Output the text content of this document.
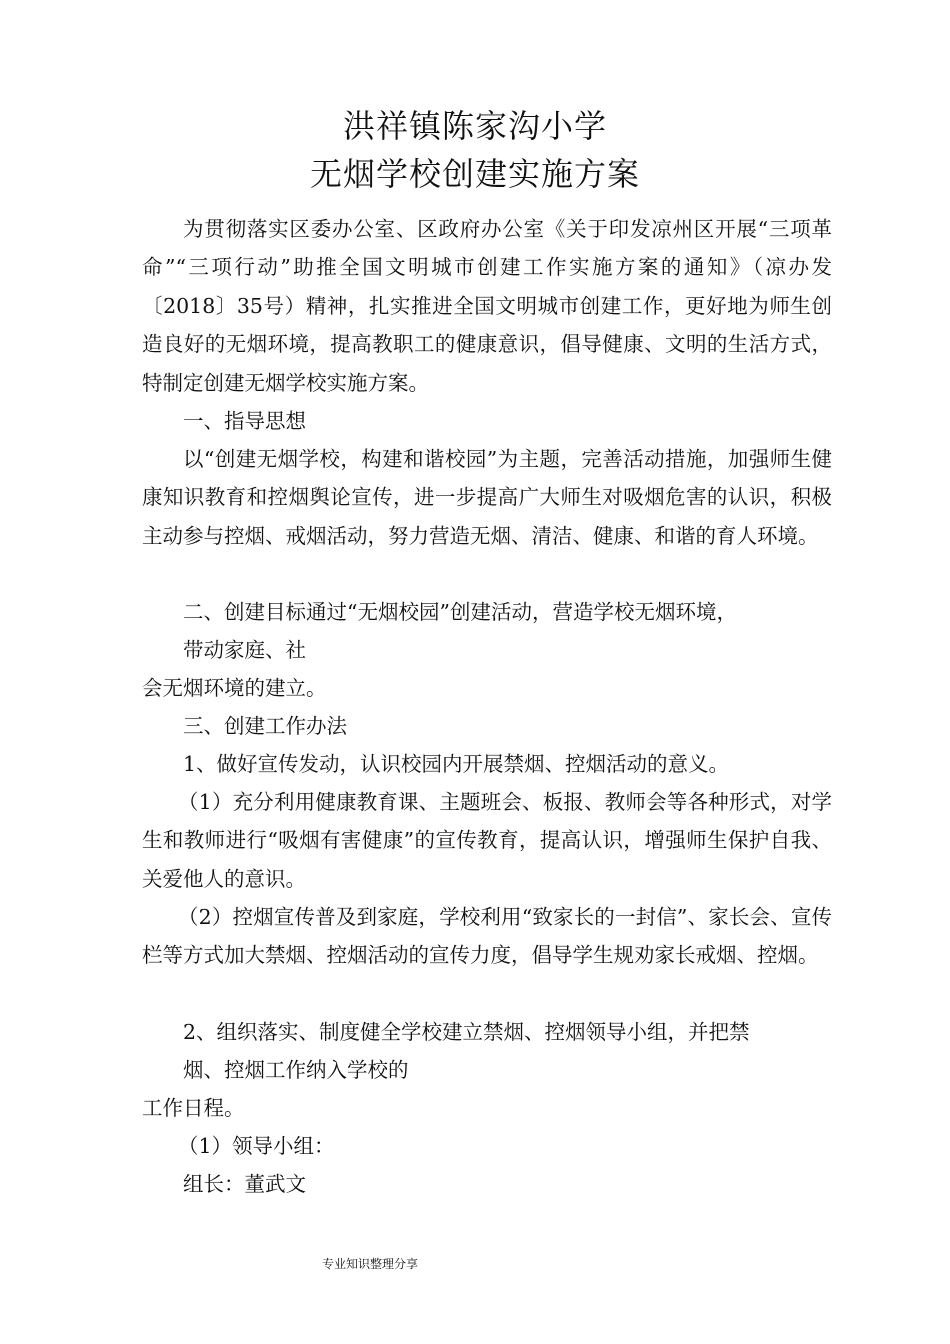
洪祥镇陈家沟小学
无烟学校创建实施方案
为贯彻落实区委办公室、区政府办公室《关于印发凉州区开展“三项革命”“三项行动”助推全国文明城市创建工作实施方案的通知》（凉办发〔2018〕35号）精神，扎实推进全国文明城市创建工作，更好地为师生创造良好的无烟环境，提高教职工的健康意识，倡导健康、文明的生活方式，特制定创建无烟学校实施方案。
一、指导思想
以“创建无烟学校，构建和谐校园”为主题，完善活动措施，加强师生健康知识教育和控烟舆论宣传，进一步提高广大师生对吸烟危害的认识，积极主动参与控烟、戒烟活动，努力营造无烟、清洁、健康、和谐的育人环境。
二、创建目标通过“无烟校园”创建活动，营造学校无烟环境，
带动家庭、社
会无烟环境的建立。
三、创建工作办法
1、做好宣传发动，认识校园内开展禁烟、控烟活动的意义。
（1）充分利用健康教育课、主题班会、板报、教师会等各种形式，对学生和教师进行“吸烟有害健康”的宣传教育，提高认识，增强师生保护自我、关爱他人的意识。
（2）控烟宣传普及到家庭，学校利用“致家长的一封信”、家长会、宣传栏等方式加大禁烟、控烟活动的宣传力度，倡导学生规劝家长戒烟、控烟。
2、组织落实、制度健全学校建立禁烟、控烟领导小组，并把禁
烟、控烟工作纳入学校的
工作日程。
（1）领导小组：
组长：董武文
专业知识整理分享
